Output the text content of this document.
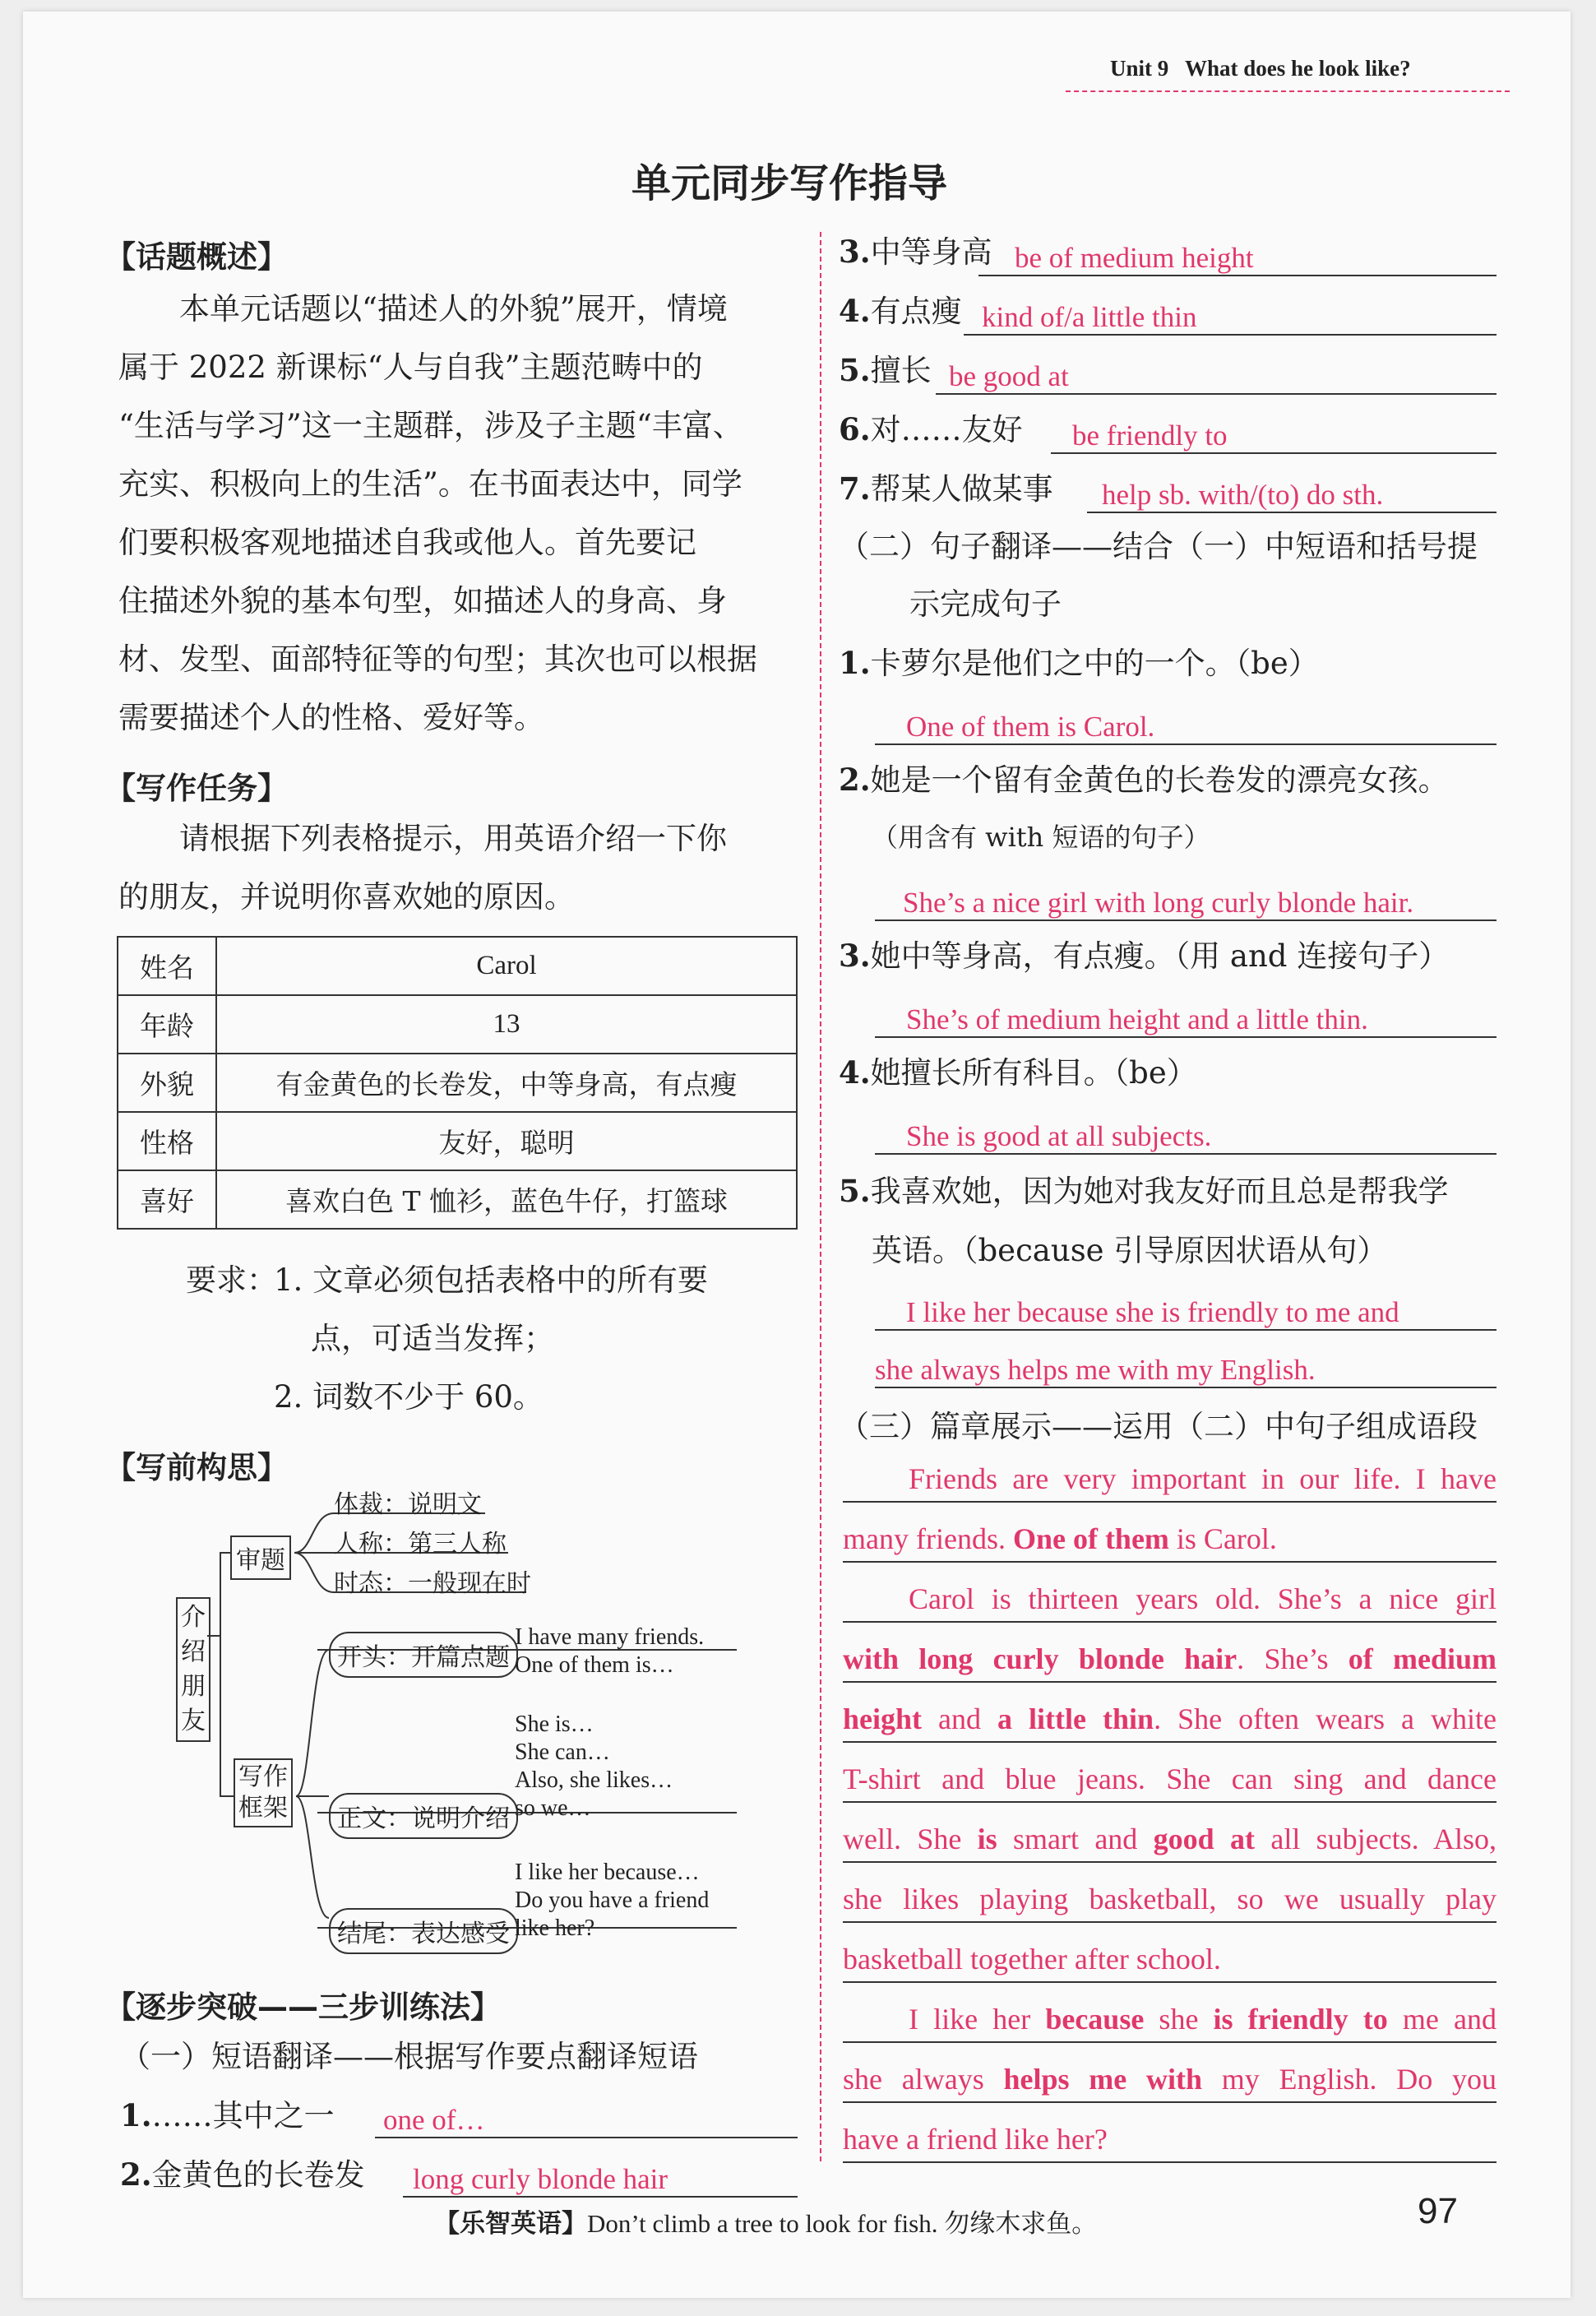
Unit 9 What does he look like?
单元同步写作指导
【话题概述】
本单元话题以“描述人的外貌”展开，情境
属于 2022 新课标“人与自我”主题范畴中的
“生活与学习”这一主题群，涉及子主题“丰富、
充实、积极向上的生活”。在书面表达中，同学
们要积极客观地描述自我或他人。首先要记
住描述外貌的基本句型，如描述人的身高、身
材、发型、面部特征等的句型；其次也可以根据
需要描述个人的性格、爱好等。
【写作任务】
请根据下列表格提示，用英语介绍一下你
的朋友，并说明你喜欢她的原因。
姓名	Carol
年龄	13
外貌	有金黄色的长卷发，中等身高，有点瘦
性格	友好，聪明
喜好	喜欢白色 T 恤衫，蓝色牛仔，打篮球
要求：
1. 文章必须包括表格中的所有要
点，可适当发挥；
2. 词数不少于 60。
【写前构思】
介
绍
朋
友
审题
体裁：说明文
人称：第三人称
时态：一般现在时
写作
框架
开头：开篇点题
正文：说明介绍
结尾：表达感受
I have many friends.
One of them is…
She is…
She can…
Also, she likes…
so we…
I like her because…
Do you have a friend
like her?
【逐步突破——三步训练法】
（一）短语翻译——根据写作要点翻译短语
1.……其中之一 one of…
2.金黄色的长卷发 long curly blonde hair
3.中等身高 be of medium height
4.有点瘦 kind of/a little thin
5.擅长 be good at
6.对……友好 be friendly to
7.帮某人做某事 help sb. with/(to) do sth.
（二）句子翻译——结合（一）中短语和括号提
示完成句子
1.卡萝尔是他们之中的一个。（be）
One of them is Carol.
2.她是一个留有金黄色的长卷发的漂亮女孩。
（用含有 with 短语的句子）
She’s a nice girl with long curly blonde hair.
3.她中等身高，有点瘦。（用 and 连接句子）
She’s of medium height and a little thin.
4.她擅长所有科目。（be）
She is good at all subjects.
5.我喜欢她，因为她对我友好而且总是帮我学
英语。（because 引导原因状语从句）
I like her because she is friendly to me and
she always helps me with my English.
（三）篇章展示——运用（二）中句子组成语段
Friends are very important in our life. I have
many friends. One of them is Carol.
Carol is thirteen years old. She’s a nice girl
with long curly blonde hair. She’s of medium
height and a little thin. She often wears a white
T-shirt and blue jeans. She can sing and dance
well. She is smart and good at all subjects. Also,
she likes playing basketball, so we usually play
basketball together after school.
I like her because she is friendly to me and
she always helps me with my English. Do you
have a friend like her?
【乐智英语】Don’t climb a tree to look for fish. 勿缘木求鱼。	97
